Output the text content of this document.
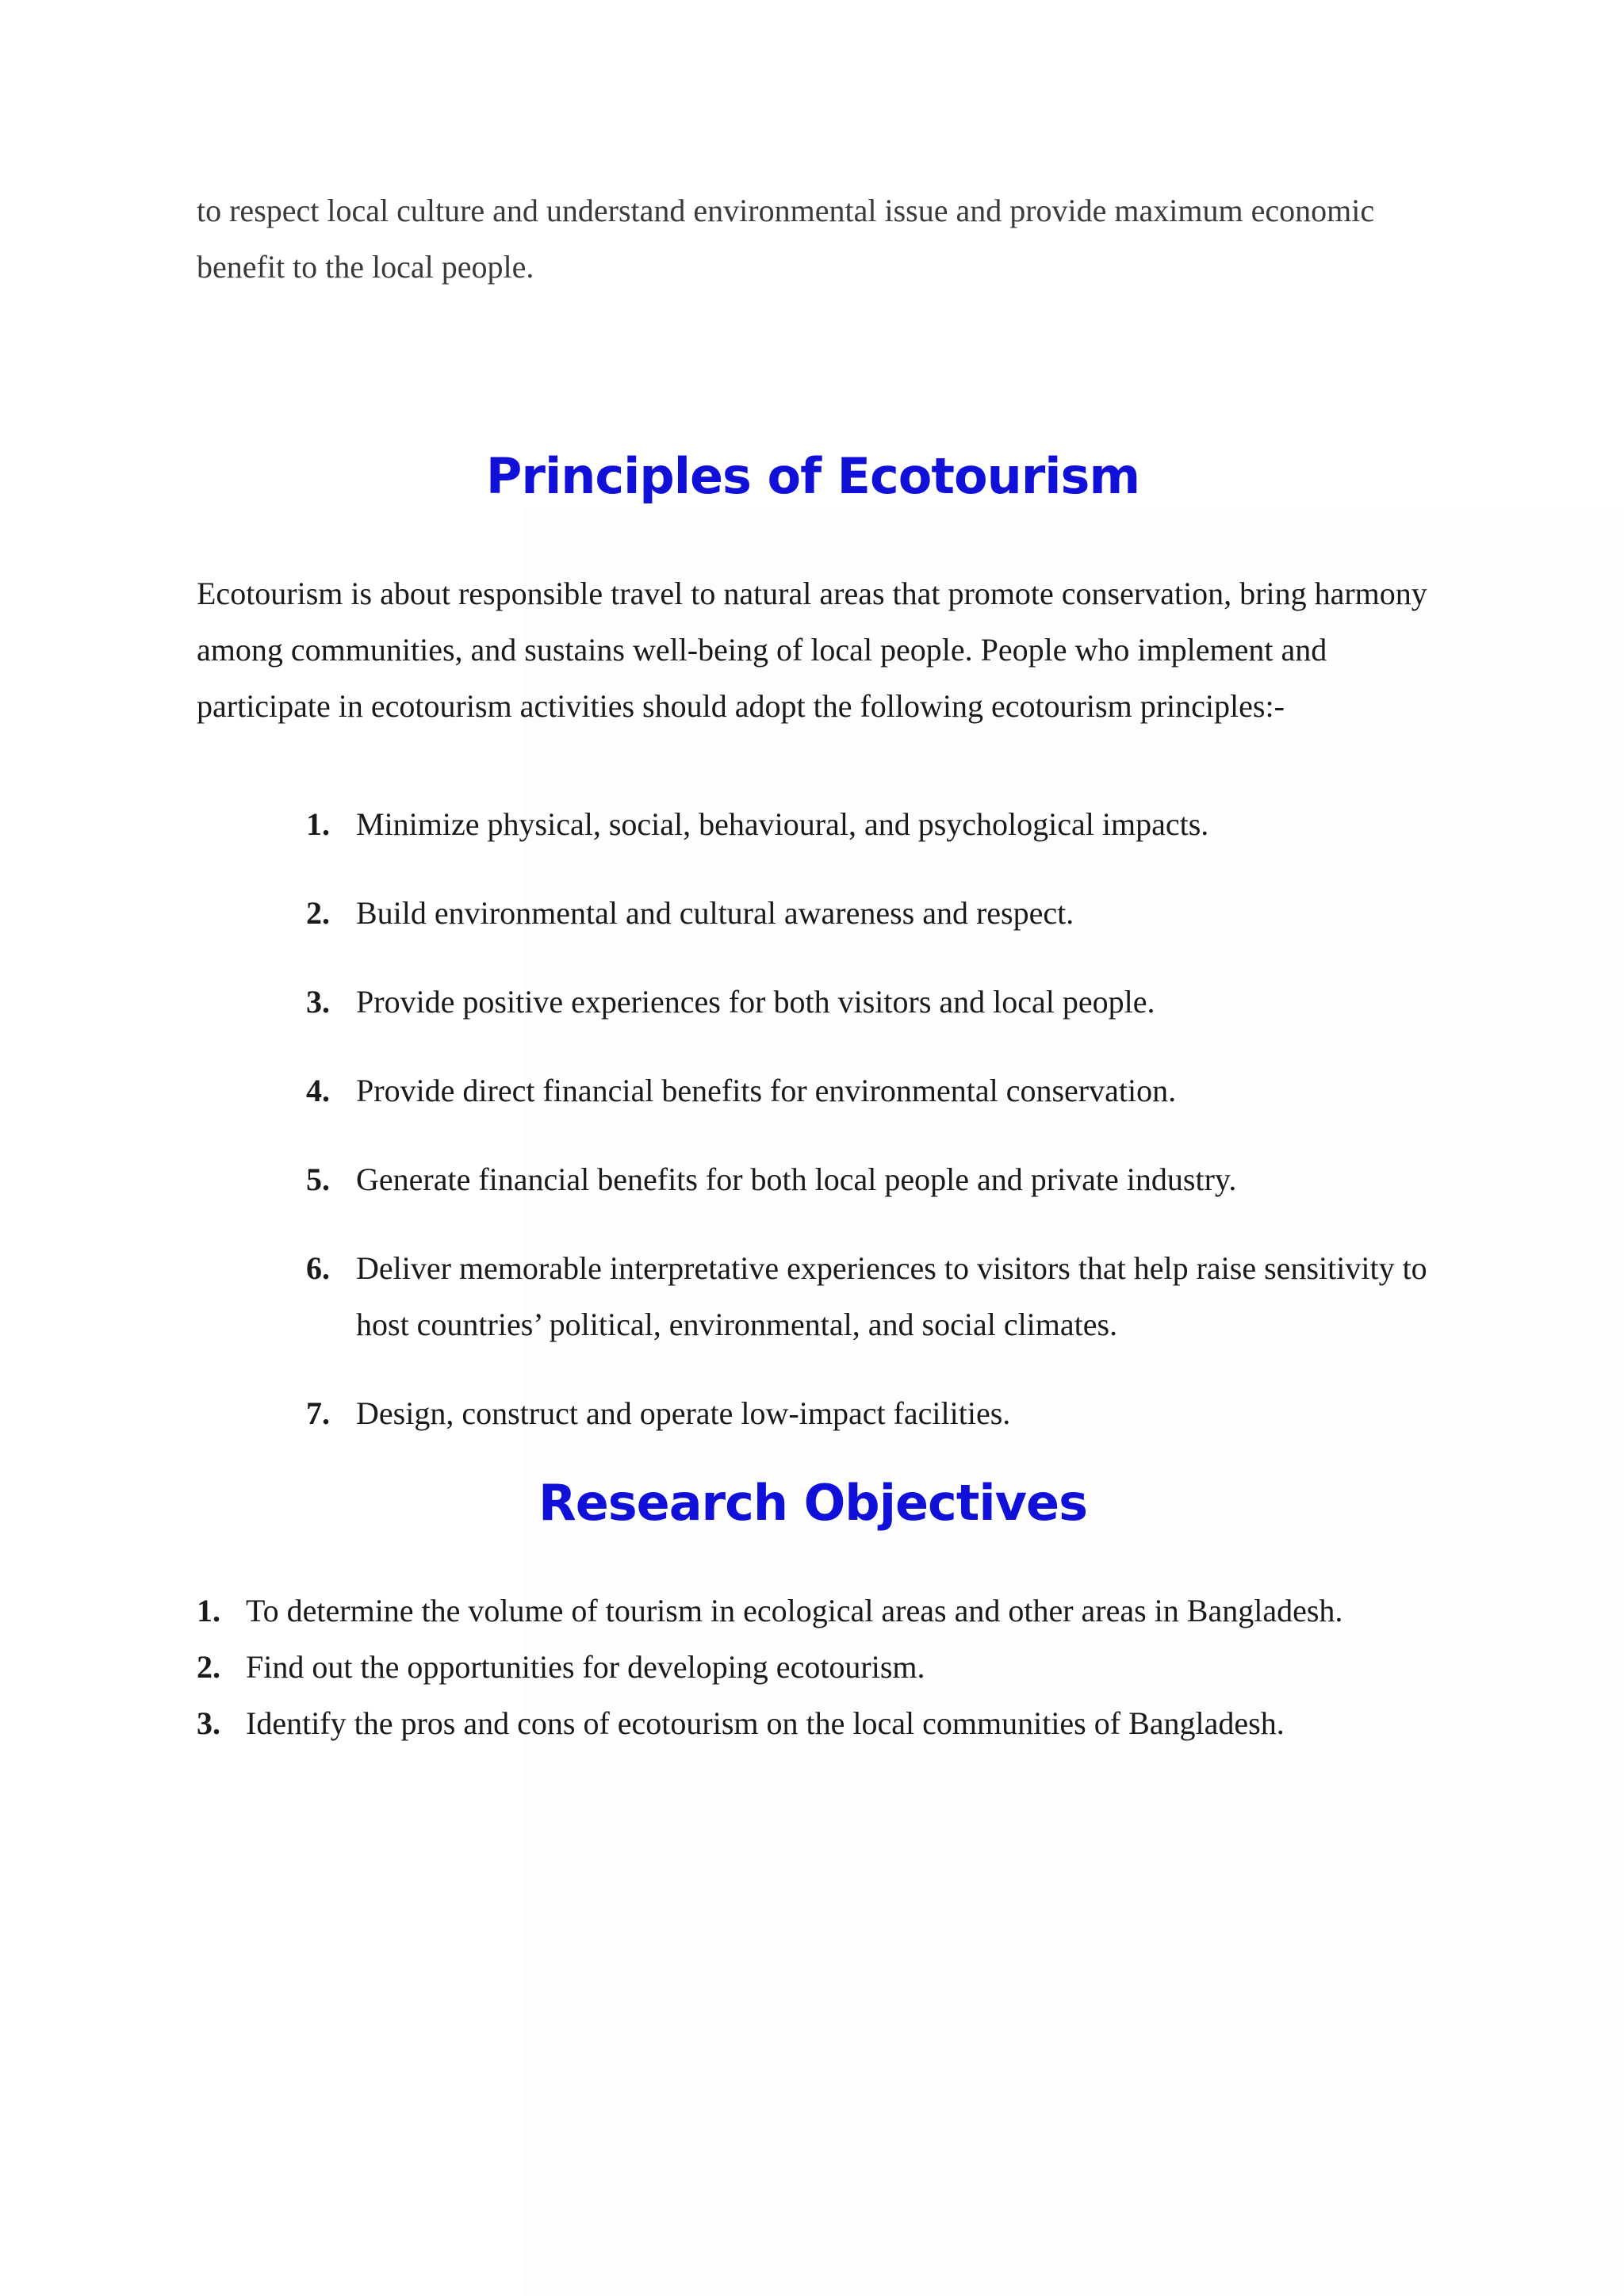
to respect local culture and understand environmental issue and provide maximum economic benefit to the local people.

Principles of Ecotourism

Ecotourism is about responsible travel to natural areas that promote conservation, bring harmony among communities, and sustains well-being of local people. People who implement and participate in ecotourism activities should adopt the following ecotourism principles:-

1. Minimize physical, social, behavioural, and psychological impacts.
2. Build environmental and cultural awareness and respect.
3. Provide positive experiences for both visitors and local people.
4. Provide direct financial benefits for environmental conservation.
5. Generate financial benefits for both local people and private industry.
6. Deliver memorable interpretative experiences to visitors that help raise sensitivity to host countries’ political, environmental, and social climates.
7. Design, construct and operate low-impact facilities.
Research Objectives
1. To determine the volume of tourism in ecological areas and other areas in Bangladesh.
2. Find out the opportunities for developing ecotourism.
3. Identify the pros and cons of ecotourism on the local communities of Bangladesh.
